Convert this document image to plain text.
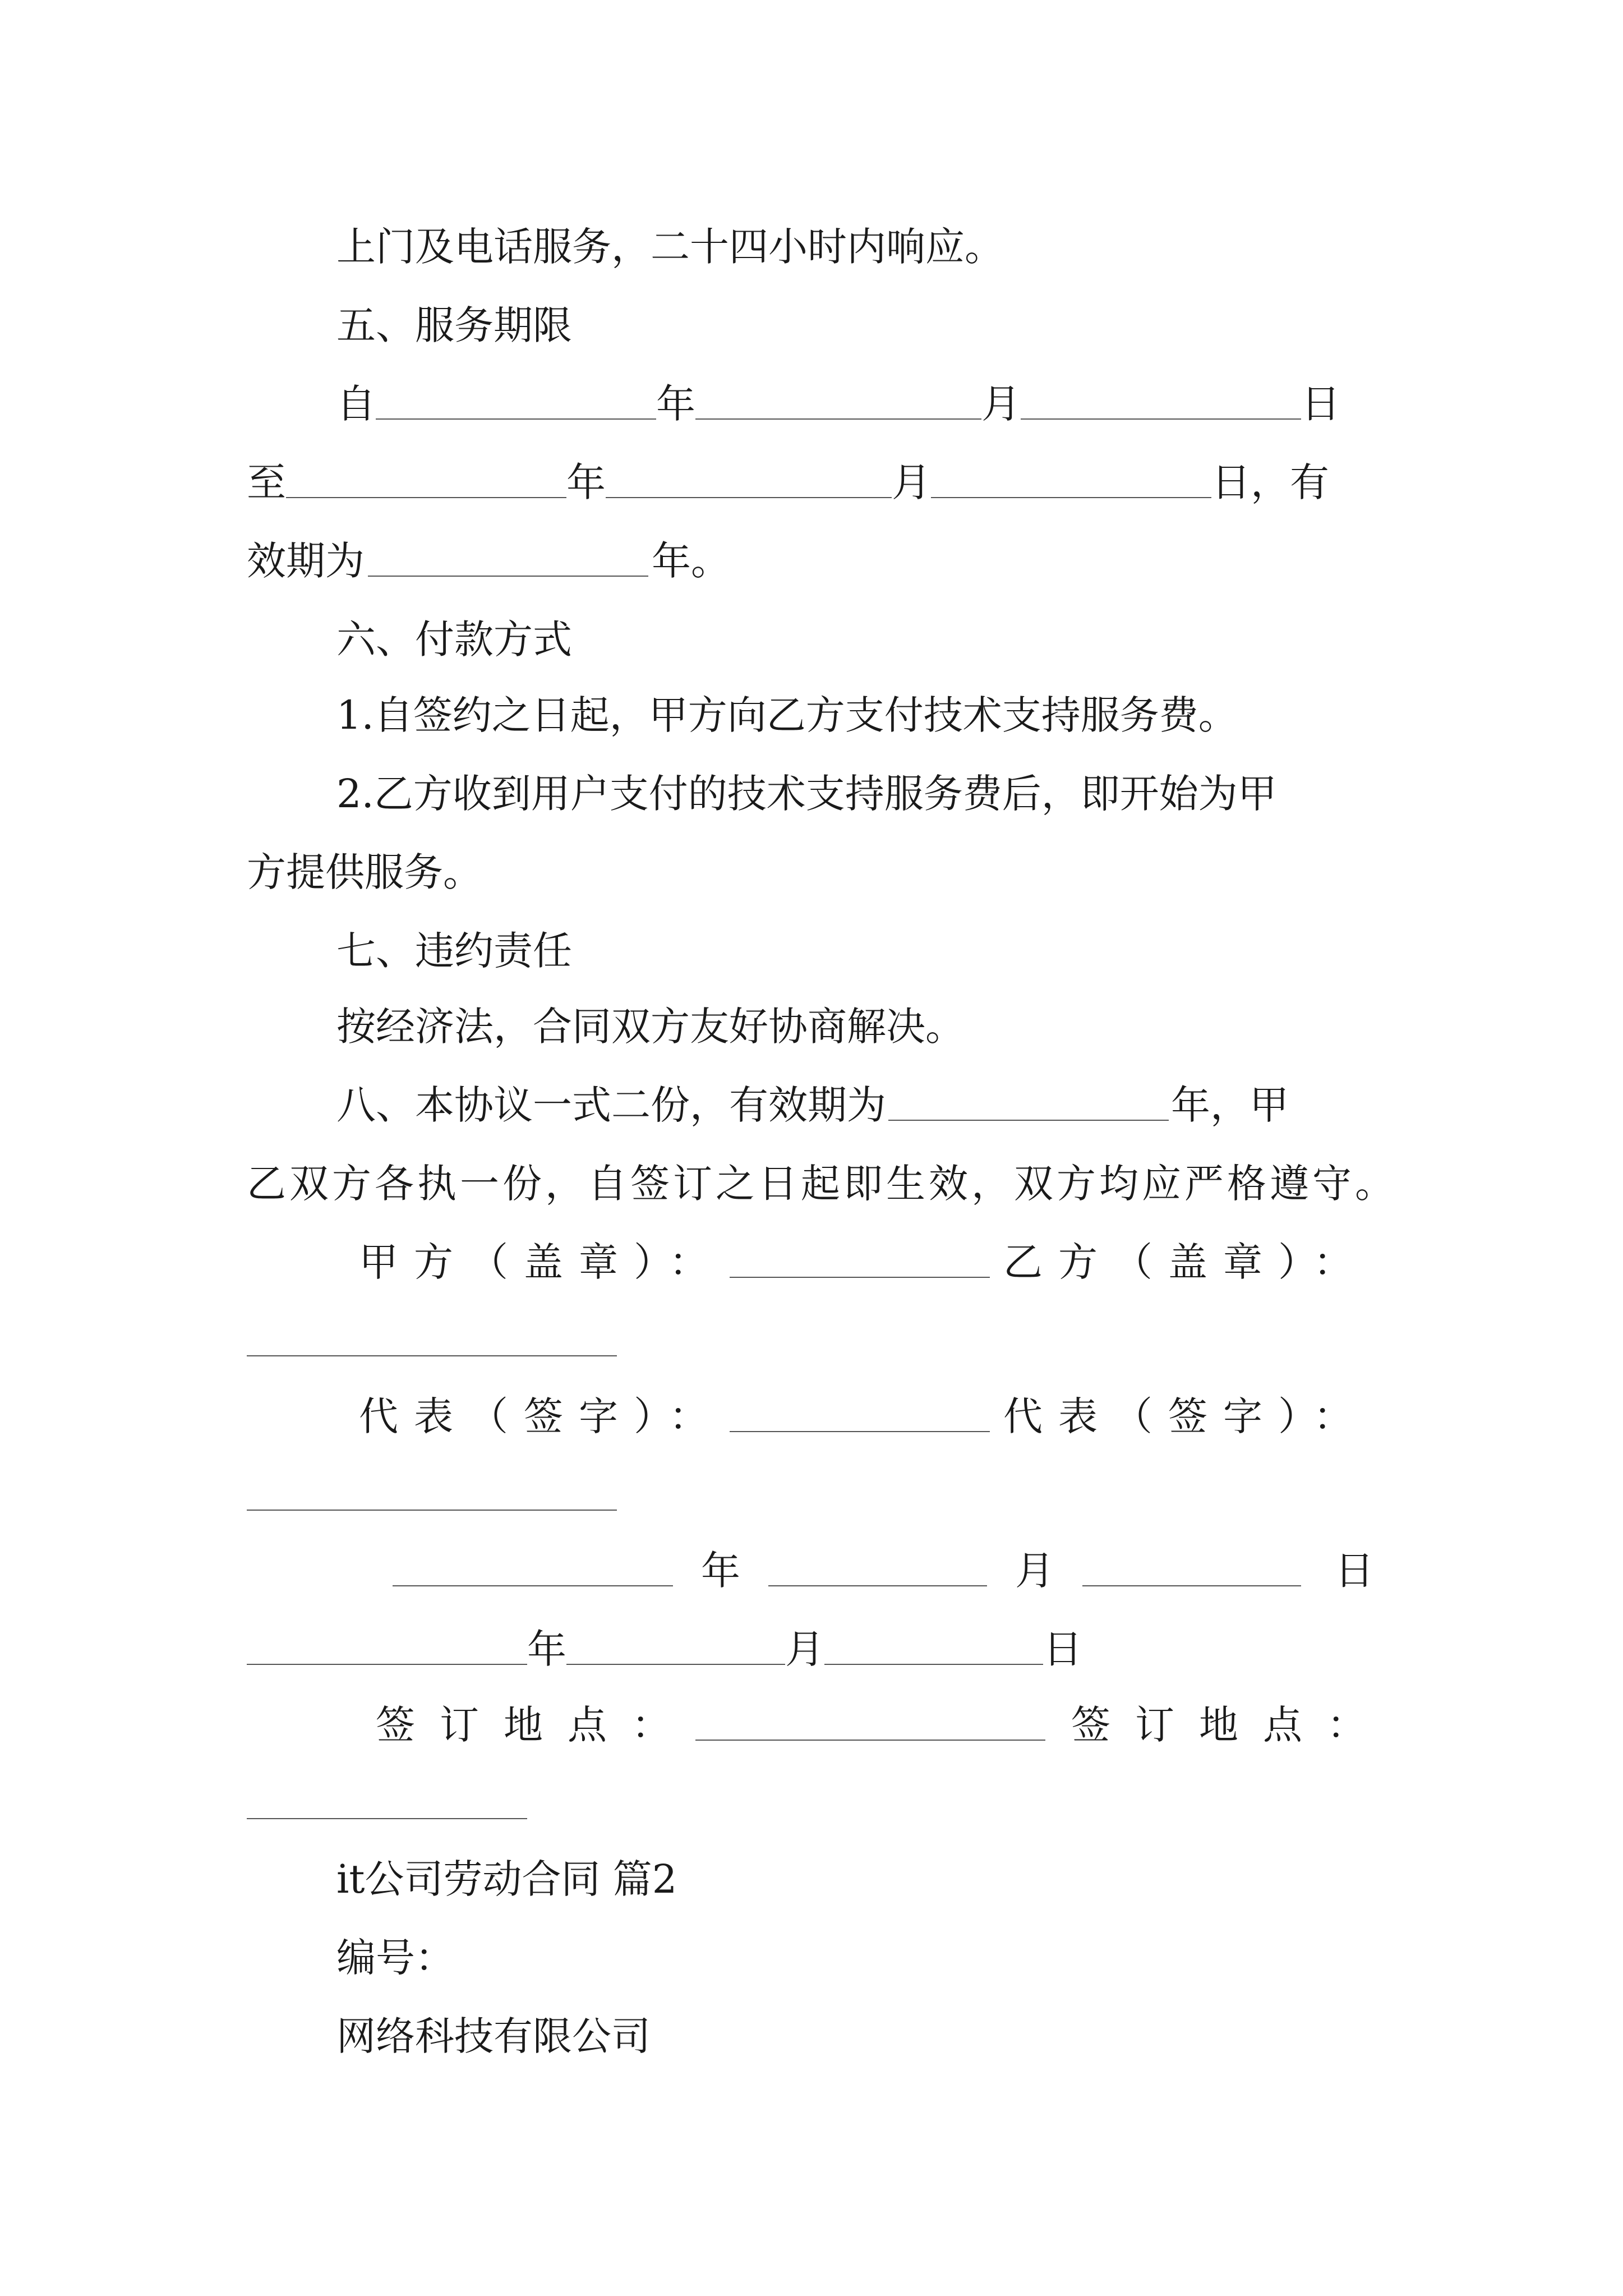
上门及电话服务，二十四小时内响应。
五、服务期限
自	年	月	日
至	年	月	日，有
效期为	年。
六、付款方式
1.自签约之日起，甲方向乙方支付技术支持服务费。
2.乙方收到用户支付的技术支持服务费后，即开始为甲
方提供服务。
七、违约责任
按经济法，合同双方友好协商解决。
八、本协议一式二份，有效期为	年，甲
乙双方各执一份，自签订之日起即生效，双方均应严格遵守。
甲方（盖章）：	乙方（盖章）：
代表（签字）：	代表（签字）：
年	月	日
年	月	日
签订地点：	签订地点：
it公司劳动合同 篇2
编号：
网络科技有限公司
